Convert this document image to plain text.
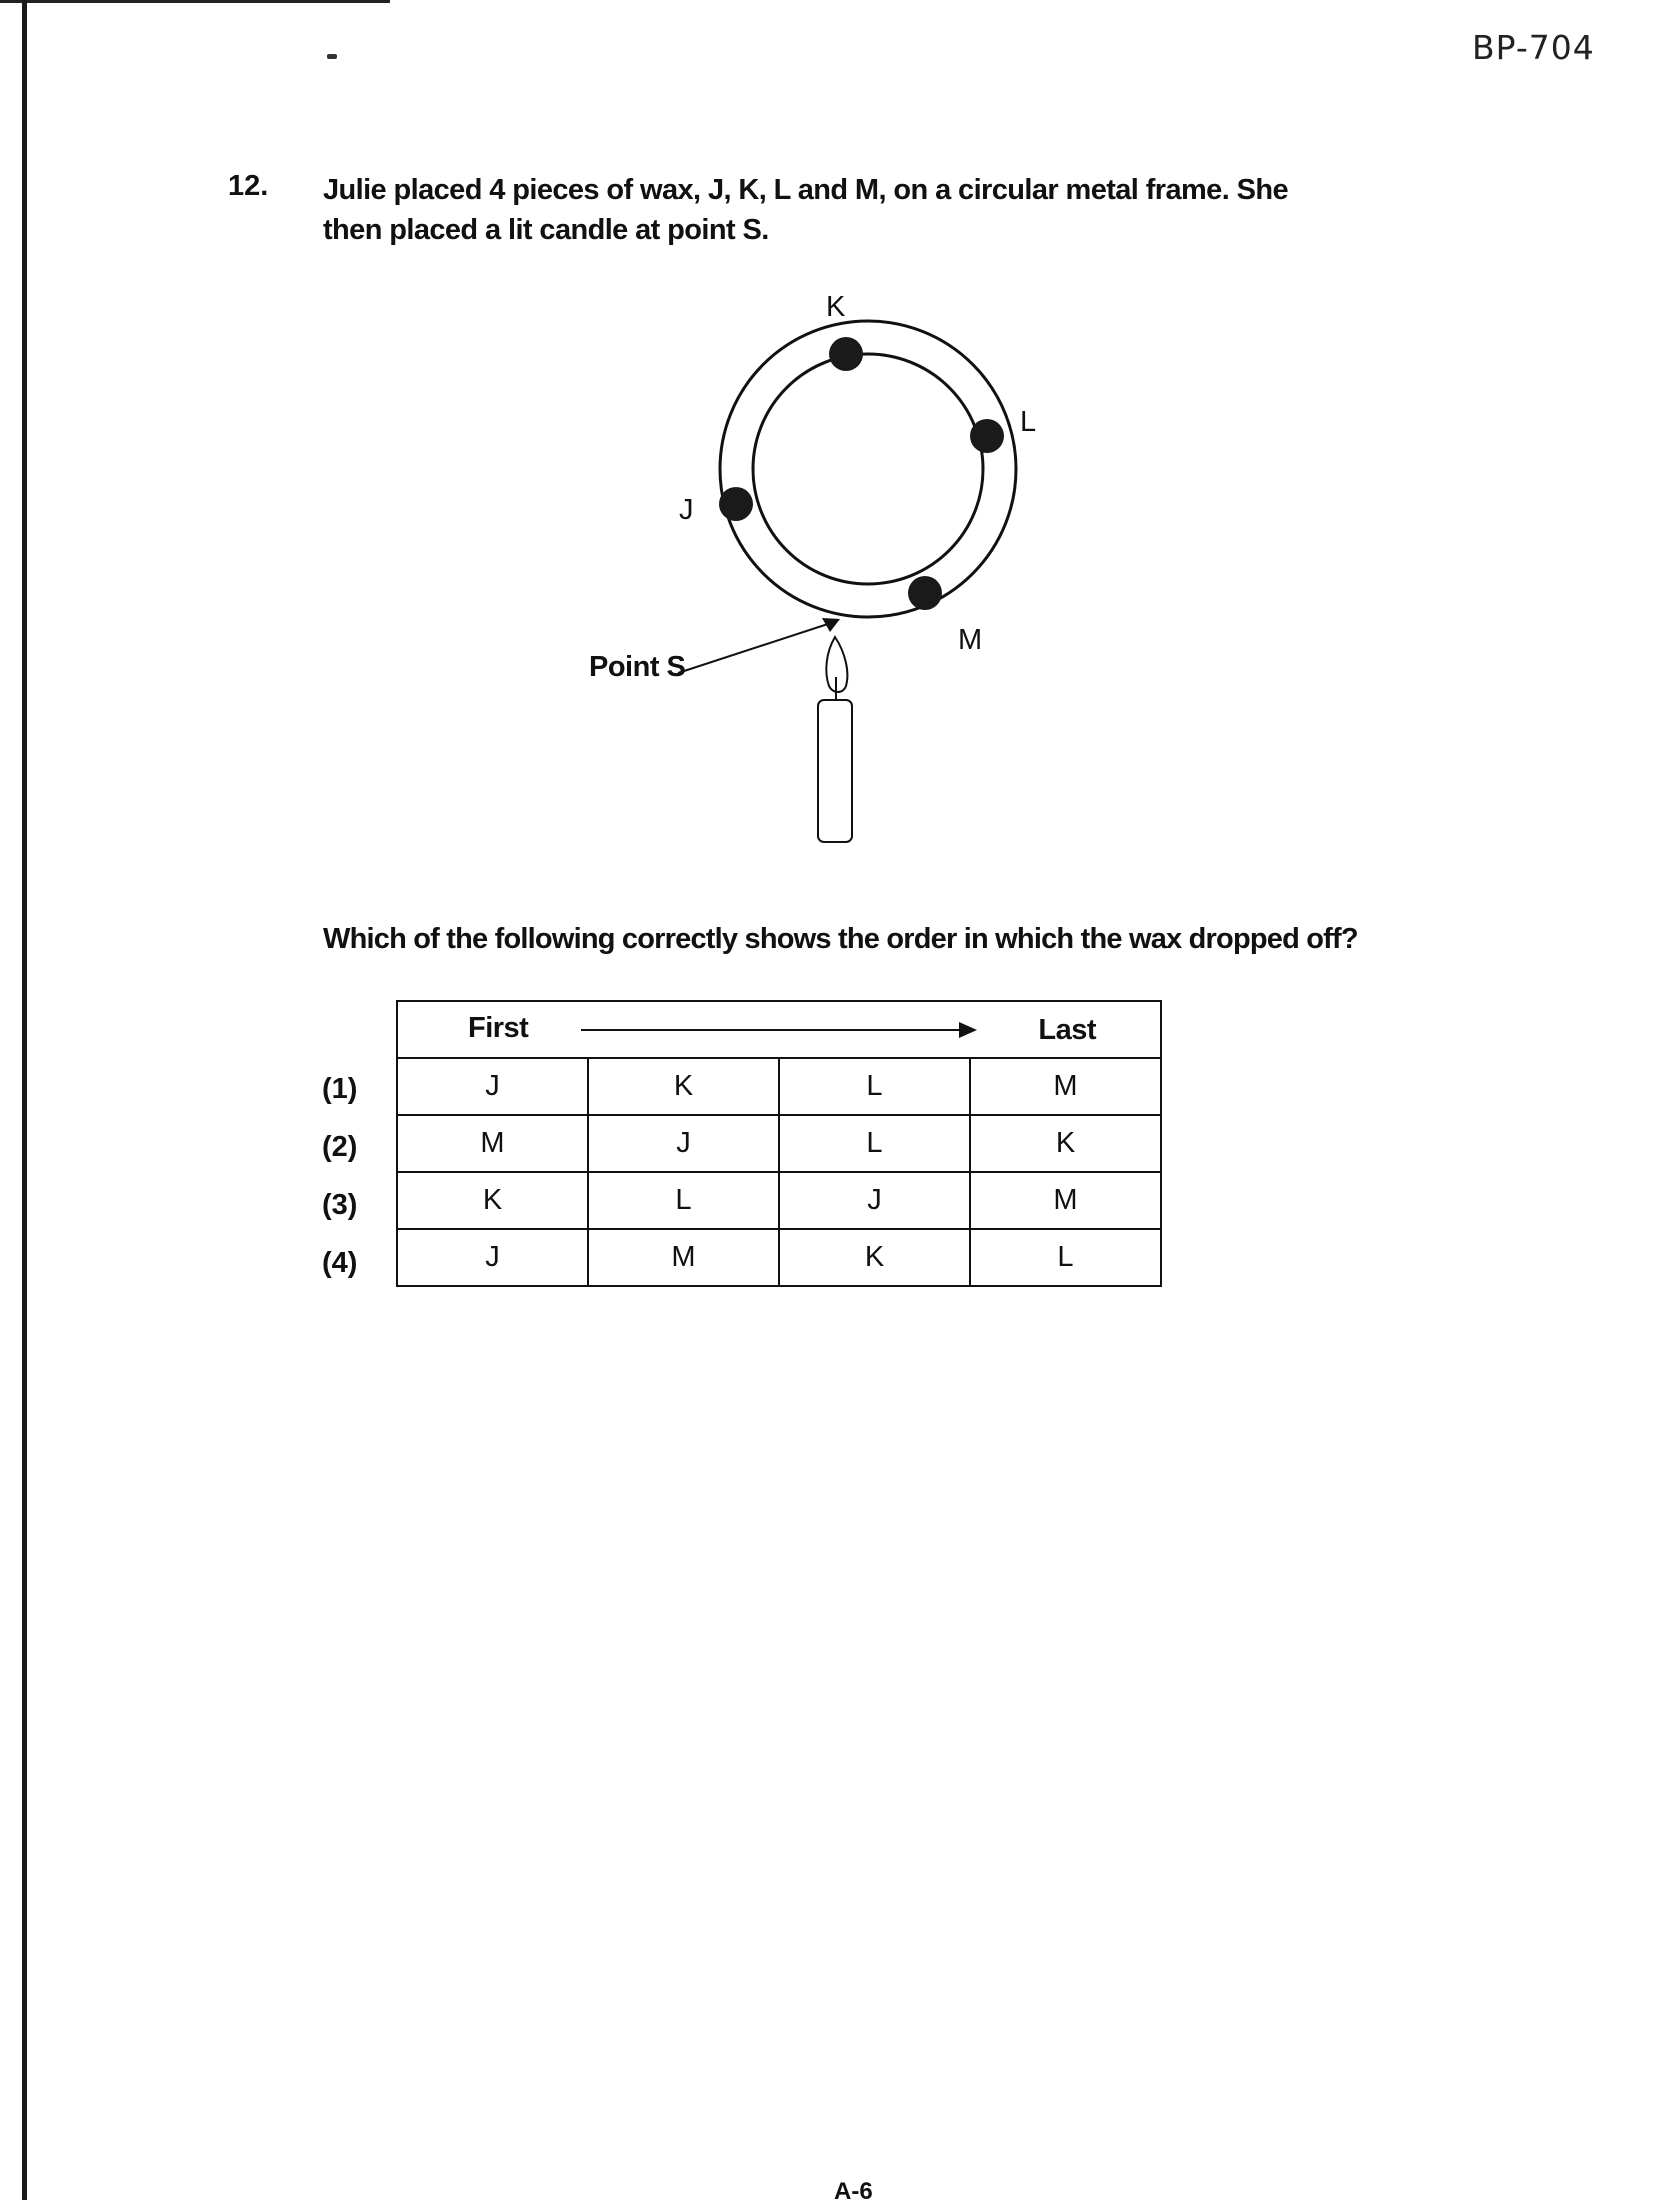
BP-704
12. Julie placed 4 pieces of wax, J, K, L and M, on a circular metal frame. She
then placed a lit candle at point S.
K
L
J
M
Point S
Which of the following correctly shows the order in which the wax dropped off?
First Last			

J	K	L	M
M	J	L	K
K	L	J	M
J	M	K	L
(1)
(2)
(3)
(4)
A-6
